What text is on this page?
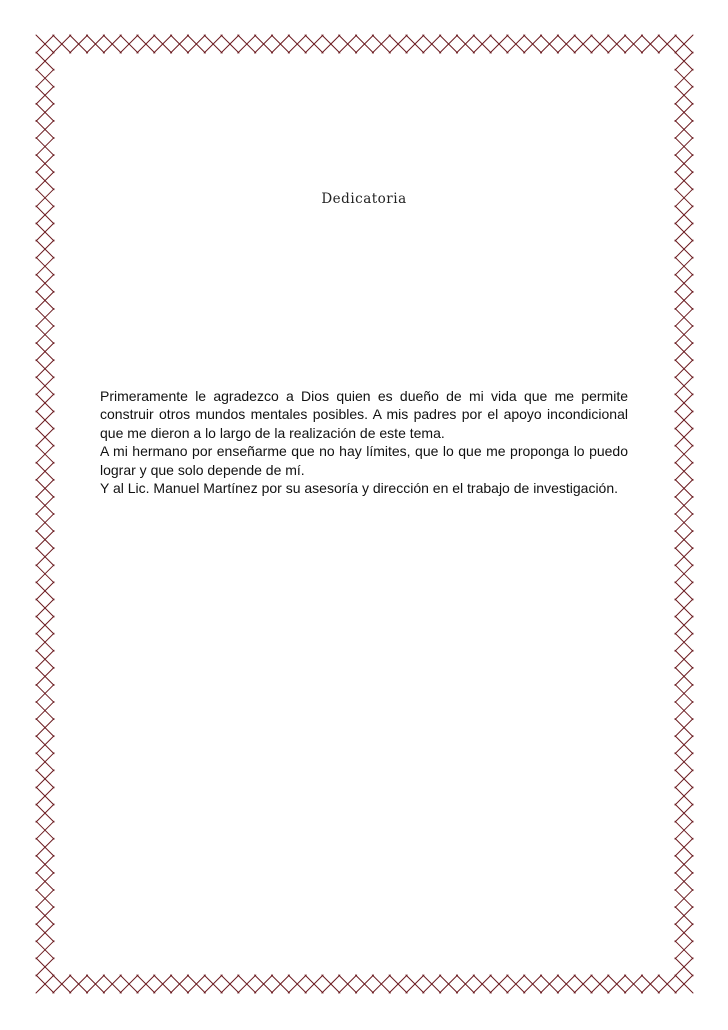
Dedicatoria

Primeramente le agradezco a Dios quien es dueño de mi vida que me permite construir otros mundos mentales posibles. A mis padres por el apoyo incondicional que me dieron a lo largo de la realización de este tema.

A mi hermano por enseñarme que no hay límites, que lo que me proponga lo puedo lograr y que solo depende de mí.

Y al Lic. Manuel Martínez por su asesoría y dirección en el trabajo de investigación.
